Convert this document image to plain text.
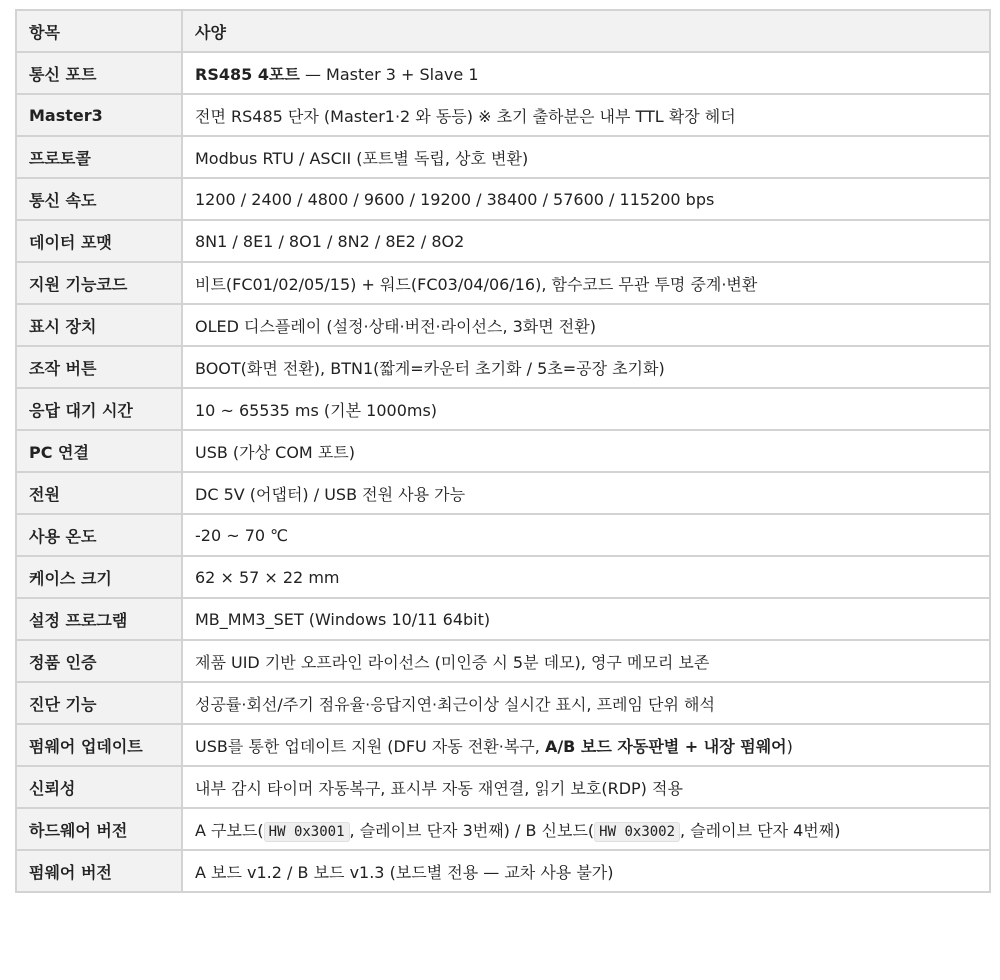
항목	사양
통신 포트	RS485 4포트 — Master 3 + Slave 1
Master3	전면 RS485 단자 (Master1·2 와 동등) ※ 초기 출하분은 내부 TTL 확장 헤더
프로토콜	Modbus RTU / ASCII (포트별 독립, 상호 변환)
통신 속도	1200 / 2400 / 4800 / 9600 / 19200 / 38400 / 57600 / 115200 bps
데이터 포맷	8N1 / 8E1 / 8O1 / 8N2 / 8E2 / 8O2
지원 기능코드	비트(FC01/02/05/15) + 워드(FC03/04/06/16), 함수코드 무관 투명 중계·변환
표시 장치	OLED 디스플레이 (설정·상태·버전·라이선스, 3화면 전환)
조작 버튼	BOOT(화면 전환), BTN1(짧게=카운터 초기화 / 5초=공장 초기화)
응답 대기 시간	10 ~ 65535 ms (기본 1000ms)
PC 연결	USB (가상 COM 포트)
전원	DC 5V (어댑터) / USB 전원 사용 가능
사용 온도	-20 ~ 70 ℃
케이스 크기	62 × 57 × 22 mm
설정 프로그램	MB_MM3_SET (Windows 10/11 64bit)
정품 인증	제품 UID 기반 오프라인 라이선스 (미인증 시 5분 데모), 영구 메모리 보존
진단 기능	성공률·회선/주기 점유율·응답지연·최근이상 실시간 표시, 프레임 단위 해석
펌웨어 업데이트	USB를 통한 업데이트 지원 (DFU 자동 전환·복구, A/B 보드 자동판별 + 내장 펌웨어)
신뢰성	내부 감시 타이머 자동복구, 표시부 자동 재연결, 읽기 보호(RDP) 적용
하드웨어 버전	A 구보드( HW 0x3001 , 슬레이브 단자 3번째) / B 신보드( HW 0x3002 , 슬레이브 단자 4번째)
펌웨어 버전	A 보드 v1.2 / B 보드 v1.3 (보드별 전용 — 교차 사용 불가)
